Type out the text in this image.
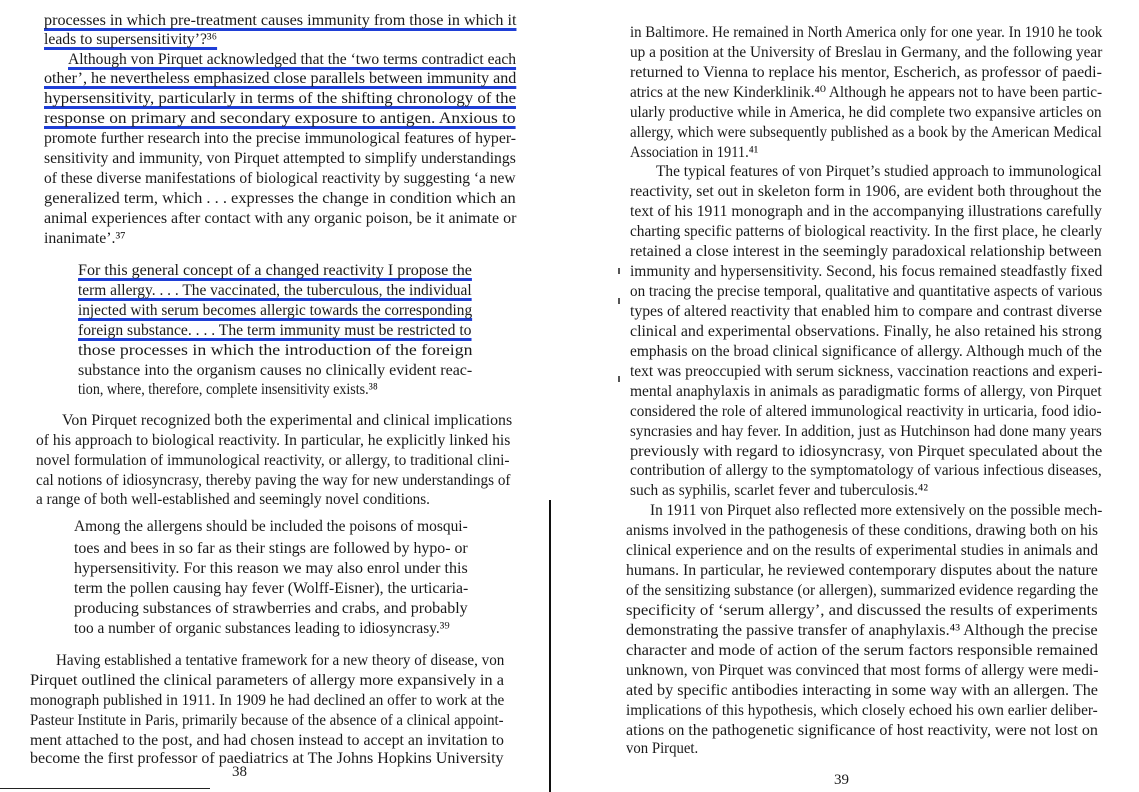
processes in which pre-treatment causes immunity from those in which it
leads to supersensitivity’?³⁶
Although von Pirquet acknowledged that the ‘two terms contradict each
other’, he nevertheless emphasized close parallels between immunity and
hypersensitivity, particularly in terms of the shifting chronology of the
response on primary and secondary exposure to antigen. Anxious to
promote further research into the precise immunological features of hyper-
sensitivity and immunity, von Pirquet attempted to simplify understandings
of these diverse manifestations of biological reactivity by suggesting ‘a new
generalized term, which . . . expresses the change in condition which an
animal experiences after contact with any organic poison, be it animate or
inanimate’.³⁷
For this general concept of a changed reactivity I propose the
term allergy. . . . The vaccinated, the tuberculous, the individual
injected with serum becomes allergic towards the corresponding
foreign substance. . . . The term immunity must be restricted to
those processes in which the introduction of the foreign
substance into the organism causes no clinically evident reac-
tion, where, therefore, complete insensitivity exists.³⁸
Von Pirquet recognized both the experimental and clinical implications
of his approach to biological reactivity. In particular, he explicitly linked his
novel formulation of immunological reactivity, or allergy, to traditional clini-
cal notions of idiosyncrasy, thereby paving the way for new understandings of
a range of both well-established and seemingly novel conditions.
Among the allergens should be included the poisons of mosqui-
toes and bees in so far as their stings are followed by hypo- or
hypersensitivity. For this reason we may also enrol under this
term the pollen causing hay fever (Wolff-Eisner), the urticaria-
producing substances of strawberries and crabs, and probably
too a number of organic substances leading to idiosyncrasy.³⁹
Having established a tentative framework for a new theory of disease, von
Pirquet outlined the clinical parameters of allergy more expansively in a
monograph published in 1911. In 1909 he had declined an offer to work at the
Pasteur Institute in Paris, primarily because of the absence of a clinical appoint-
ment attached to the post, and had chosen instead to accept an invitation to
become the first professor of paediatrics at The Johns Hopkins University
38
in Baltimore. He remained in North America only for one year. In 1910 he took
up a position at the University of Breslau in Germany, and the following year
returned to Vienna to replace his mentor, Escherich, as professor of paedi-
atrics at the new Kinderklinik.⁴⁰ Although he appears not to have been partic-
ularly productive while in America, he did complete two expansive articles on
allergy, which were subsequently published as a book by the American Medical
Association in 1911.⁴¹
The typical features of von Pirquet’s studied approach to immunological
reactivity, set out in skeleton form in 1906, are evident both throughout the
text of his 1911 monograph and in the accompanying illustrations carefully
charting specific patterns of biological reactivity. In the first place, he clearly
retained a close interest in the seemingly paradoxical relationship between
immunity and hypersensitivity. Second, his focus remained steadfastly fixed
on tracing the precise temporal, qualitative and quantitative aspects of various
types of altered reactivity that enabled him to compare and contrast diverse
clinical and experimental observations. Finally, he also retained his strong
emphasis on the broad clinical significance of allergy. Although much of the
text was preoccupied with serum sickness, vaccination reactions and experi-
mental anaphylaxis in animals as paradigmatic forms of allergy, von Pirquet
considered the role of altered immunological reactivity in urticaria, food idio-
syncrasies and hay fever. In addition, just as Hutchinson had done many years
previously with regard to idiosyncrasy, von Pirquet speculated about the
contribution of allergy to the symptomatology of various infectious diseases,
such as syphilis, scarlet fever and tuberculosis.⁴²
In 1911 von Pirquet also reflected more extensively on the possible mech-
anisms involved in the pathogenesis of these conditions, drawing both on his
clinical experience and on the results of experimental studies in animals and
humans. In particular, he reviewed contemporary disputes about the nature
of the sensitizing substance (or allergen), summarized evidence regarding the
specificity of ‘serum allergy’, and discussed the results of experiments
demonstrating the passive transfer of anaphylaxis.⁴³ Although the precise
character and mode of action of the serum factors responsible remained
unknown, von Pirquet was convinced that most forms of allergy were medi-
ated by specific antibodies interacting in some way with an allergen. The
implications of this hypothesis, which closely echoed his own earlier deliber-
ations on the pathogenetic significance of host reactivity, were not lost on
von Pirquet.
39
